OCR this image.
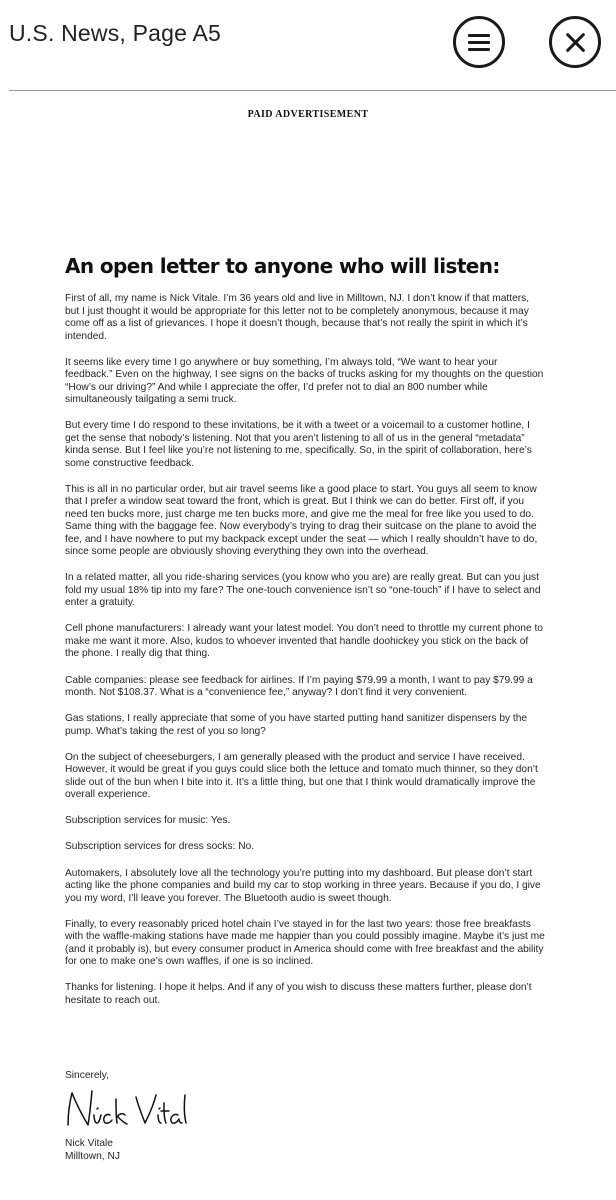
U.S. News, Page A5
PAID ADVERTISEMENT
An open letter to anyone who will listen:

First of all, my name is Nick Vitale. I’m 36 years old and live in Milltown, NJ. I don’t know if that matters, but I just thought it would be appropriate for this letter not to be completely anonymous, because it may come off as a list of grievances. I hope it doesn’t though, because that’s not really the spirit in which it’s intended.

It seems like every time I go anywhere or buy something, I’m always told, “We want to hear your feedback.” Even on the highway, I see signs on the backs of trucks asking for my thoughts on the question “How’s our driving?” And while I appreciate the offer, I’d prefer not to dial an 800 number while simultaneously tailgating a semi truck.

But every time I do respond to these invitations, be it with a tweet or a voicemail to a customer hotline, I get the sense that nobody’s listening. Not that you aren’t listening to all of us in the general “metadata” kinda sense. But I feel like you’re not listening to me, specifically. So, in the spirit of collaboration, here’s some constructive feedback.

This is all in no particular order, but air travel seems like a good place to start. You guys all seem to know that I prefer a window seat toward the front, which is great. But I think we can do better. First off, if you need ten bucks more, just charge me ten bucks more, and give me the meal for free like you used to do. Same thing with the baggage fee. Now everybody’s trying to drag their suitcase on the plane to avoid the fee, and I have nowhere to put my backpack except under the seat — which I really shouldn’t have to do, since some people are obviously shoving everything they own into the overhead.

In a related matter, all you ride-sharing services (you know who you are) are really great. But can you just fold my usual 18% tip into my fare? The one-touch convenience isn’t so “one-touch” if I have to select and enter a gratuity.

Cell phone manufacturers: I already want your latest model. You don’t need to throttle my current phone to make me want it more. Also, kudos to whoever invented that handle doohickey you stick on the back of the phone. I really dig that thing.

Cable companies: please see feedback for airlines. If I’m paying $79.99 a month, I want to pay $79.99 a month. Not $108.37. What is a “convenience fee,” anyway? I don’t find it very convenient.

Gas stations, I really appreciate that some of you have started putting hand sanitizer dispensers by the pump. What’s taking the rest of you so long?

On the subject of cheeseburgers, I am generally pleased with the product and service I have received. However, it would be great if you guys could slice both the lettuce and tomato much thinner, so they don’t slide out of the bun when I bite into it. It’s a little thing, but one that I think would dramatically improve the overall experience.

Subscription services for music: Yes.

Subscription services for dress socks: No.

Automakers, I absolutely love all the technology you’re putting into my dashboard. But please don’t start acting like the phone companies and build my car to stop working in three years. Because if you do, I give you my word, I’ll leave you forever. The Bluetooth audio is sweet though.

Finally, to every reasonably priced hotel chain I’ve stayed in for the last two years: those free breakfasts with the waffle-making stations have made me happier than you could possibly imagine. Maybe it’s just me (and it probably is), but every consumer product in America should come with free breakfast and the ability for one to make one’s own waffles, if one is so inclined.

Thanks for listening. I hope it helps. And if any of you wish to discuss these matters further, please don’t hesitate to reach out.

Sincerely,
Nick Vitale
Milltown, NJ
